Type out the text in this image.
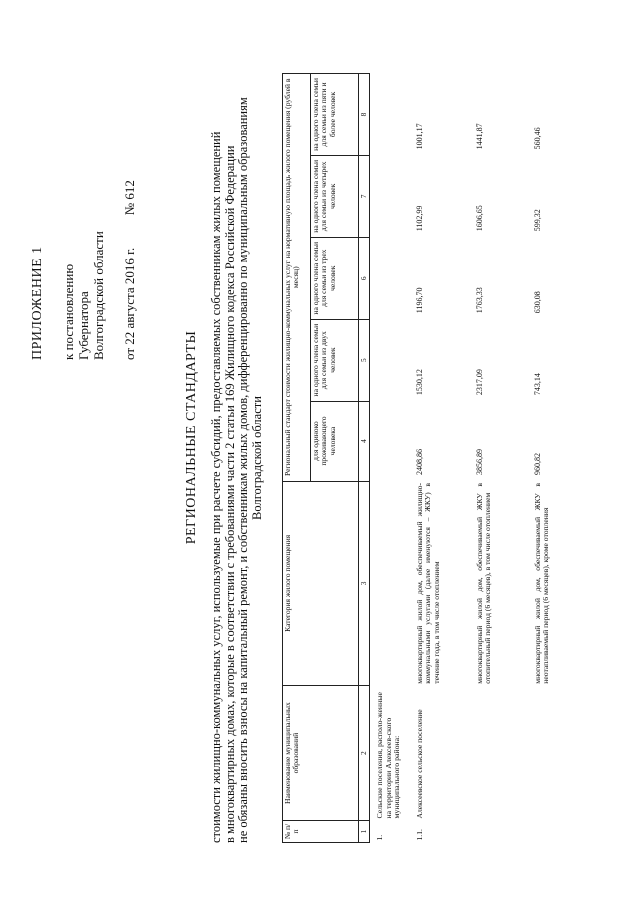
ПРИЛОЖЕНИЕ 1 к постановлению Губернатора Волгоградской области от 22 августа 2016 г.  № 612
РЕГИОНАЛЬНЫЕ СТАНДАРТЫ стоимости жилищно-коммунальных услуг, используемые при расчете субсидий, предоставляемых собственникам жилых помещений в многоквартирных домах, которые в соответствии с требованиями части 2 статьи 169 Жилищного кодекса Российской Федерации не обязаны вносить взносы на капитальный ремонт, и собственникам жилых домов, дифференцированно по муниципальным образованиям Волгоградской области
№ п/п	Наименование муниципальных образований	Категория жилого помещения	Региональный стандарт стоимости жилищно-коммунальных услуг на нормативную площадь жилого помещения (рублей в месяц)				
			для одиноко проживающего человека	на одного члена семьи для семьи из двух человек	на одного члена семьи для семьи из трех человек	на одного члена семьи для семьи из четырех человек	на одного члена семьи для семьи из пяти и более человек
1	2	3	4	5	6	7	8
1.	Сельские поселения, располо-женные на территории Алексеев-ского муниципального района:						
1.1.	Алексеевское сельское поселение	многоквартирный жилой дом, обеспечиваемый жилищно-коммунальными услугами (далее именуются – ЖКУ) в течение года, в том числе отоплением	2408,86	1530,12	1196,70	1102,99	1001,17
		многоквартирный жилой дом, обеспечиваемый ЖКУ в отопительный период (6 месяцев), в том числе отоплением	3856,89	2317,09	1763,33	1606,65	1441,87
		многоквартирный жилой дом, обеспечиваемый ЖКУ в неотапливаемый период (6 месяцев), кроме отопления	960,82	743,14	630,08	599,32	560,46
